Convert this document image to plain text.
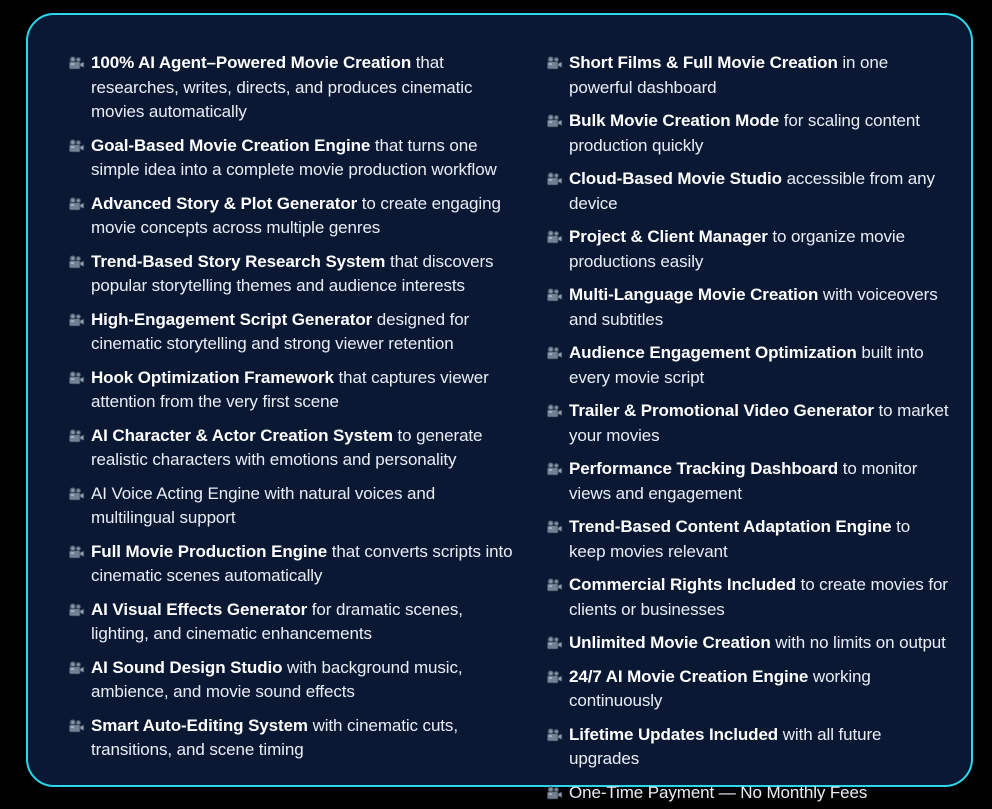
100% AI Agent–Powered Movie Creation that researches, writes, directs, and produces cinematic movies automatically
Goal-Based Movie Creation Engine that turns one simple idea into a complete movie production workflow
Advanced Story & Plot Generator to create engaging movie concepts across multiple genres
Trend-Based Story Research System that discovers popular storytelling themes and audience interests
High-Engagement Script Generator designed for cinematic storytelling and strong viewer retention
Hook Optimization Framework that captures viewer attention from the very first scene
AI Character & Actor Creation System to generate realistic characters with emotions and personality
AI Voice Acting Engine with natural voices and multilingual support
Full Movie Production Engine that converts scripts into cinematic scenes automatically
AI Visual Effects Generator for dramatic scenes, lighting, and cinematic enhancements
AI Sound Design Studio with background music, ambience, and movie sound effects
Smart Auto-Editing System with cinematic cuts, transitions, and scene timing
Short Films & Full Movie Creation in one powerful dashboard
Bulk Movie Creation Mode for scaling content production quickly
Cloud-Based Movie Studio accessible from any device
Project & Client Manager to organize movie productions easily
Multi-Language Movie Creation with voiceovers and subtitles
Audience Engagement Optimization built into every movie script
Trailer & Promotional Video Generator to market your movies
Performance Tracking Dashboard to monitor views and engagement
Trend-Based Content Adaptation Engine to keep movies relevant
Commercial Rights Included to create movies for clients or businesses
Unlimited Movie Creation with no limits on output
24/7 AI Movie Creation Engine working continuously
Lifetime Updates Included with all future upgrades
One-Time Payment — No Monthly Fees
